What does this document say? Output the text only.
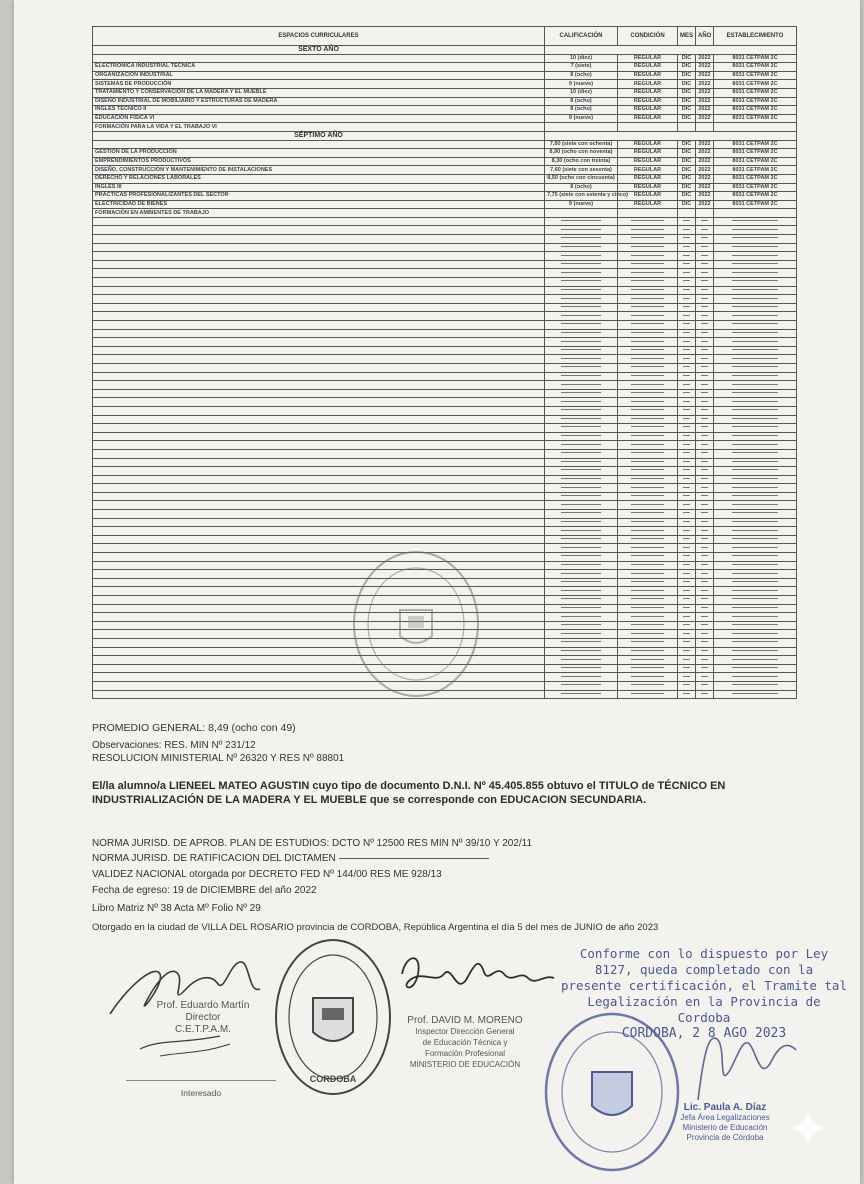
ESPACIOS CURRICULARES	CALIFICACIÓN	CONDICIÓN	MES	AÑO	ESTABLECIMIENTO
SEXTO AÑO					
	10 (diez)	REGULAR	DIC	2022	8031 CETPAM 2C
ELECTRÓNICA INDUSTRIAL TÉCNICA	7 (siete)	REGULAR	DIC	2022	8031 CETPAM 2C
ORGANIZACIÓN INDUSTRIAL	8 (ocho)	REGULAR	DIC	2022	8031 CETPAM 2C
SISTEMAS DE PRODUCCIÓN	9 (nueve)	REGULAR	DIC	2022	8031 CETPAM 2C
TRATAMIENTO Y CONSERVACIÓN DE LA MADERA Y EL MUEBLE	10 (diez)	REGULAR	DIC	2022	8031 CETPAM 2C
DISEÑO INDUSTRIAL DE MOBILIARIO Y ESTRUCTURAS DE MADERA	8 (ocho)	REGULAR	DIC	2022	8031 CETPAM 2C
INGLÉS TÉCNICO II	8 (ocho)	REGULAR	DIC	2022	8031 CETPAM 2C
EDUCACIÓN FÍSICA VI	9 (nueve)	REGULAR	DIC	2022	8031 CETPAM 2C
FORMACIÓN PARA LA VIDA Y EL TRABAJO VI					
SÉPTIMO AÑO					
	7,80 (siete con ochenta)	REGULAR	DIC	2022	8031 CETPAM 2C
GESTIÓN DE LA PRODUCCIÓN	8,90 (ocho con noventa)	REGULAR	DIC	2022	8031 CETPAM 2C
EMPRENDIMIENTOS PRODUCTIVOS	8,30 (ocho con treinta)	REGULAR	DIC	2022	8031 CETPAM 2C
DISEÑO, CONSTRUCCIÓN Y MANTENIMIENTO DE INSTALACIONES	7,60 (siete con sesenta)	REGULAR	DIC	2022	8031 CETPAM 2C
DERECHO Y RELACIONES LABORALES	8,50 (ocho con cincuenta)	REGULAR	DIC	2022	8031 CETPAM 2C
INGLÉS III	8 (ocho)	REGULAR	DIC	2022	8031 CETPAM 2C
PRÁCTICAS PROFESIONALIZANTES DEL SECTOR	7,75 (siete con setenta y cinco)	REGULAR	DIC	2022	8031 CETPAM 2C
ELECTRICIDAD DE BIENES	9 (nueve)	REGULAR	DIC	2022	8031 CETPAM 2C
FORMACIÓN EN AMBIENTES DE TRABAJO					

PROMEDIO GENERAL: 8,49 (ocho con 49)
Observaciones: RES. MIN Nº 231/12
RESOLUCION MINISTERIAL Nº 26320 Y RES Nº 88801
El/la alumno/a LIENEEL MATEO AGUSTIN cuyo tipo de documento D.N.I. Nº 45.405.855 obtuvo el TITULO de TÉCNICO EN INDUSTRIALIZACIÓN DE LA MADERA Y EL MUEBLE que se corresponde con EDUCACION SECUNDARIA.
NORMA JURISD. DE APROB. PLAN DE ESTUDIOS: DCTO Nº 12500 RES MIN Nº 39/10 Y 202/11
NORMA JURISD. DE RATIFICACION DEL DICTAMEN
VALIDEZ NACIONAL otorgada por DECRETO FED Nº 144/00 RES ME 928/13
Fecha de egreso: 19 de DICIEMBRE del año 2022
Libro Matriz Nº 38 Acta Mº Folio Nº 29
Otorgado en la ciudad de VILLA DEL ROSARIO provincia de CORDOBA, República Argentina el día 5 del mes de JUNIO de año 2023
Prof. Eduardo Martín
Director
C.E.T.P.A.M.
Interesado
CORDOBA
Prof. DAVID M. MORENO
Inspector Dirección General
de Educación Técnica y
Formación Profesional
MINISTERIO DE EDUCACIÓN
Conforme con lo dispuesto por Ley
8127, queda completado con la
presente certificación, el Tramite tal
Legalización en la Provincia de Cordoba
CORDOBA, 2 8 AGO 2023
Lic. Paula A. Díaz
Jefa Área Legalizaciones
Ministerio de Educación
Provincia de Córdoba
